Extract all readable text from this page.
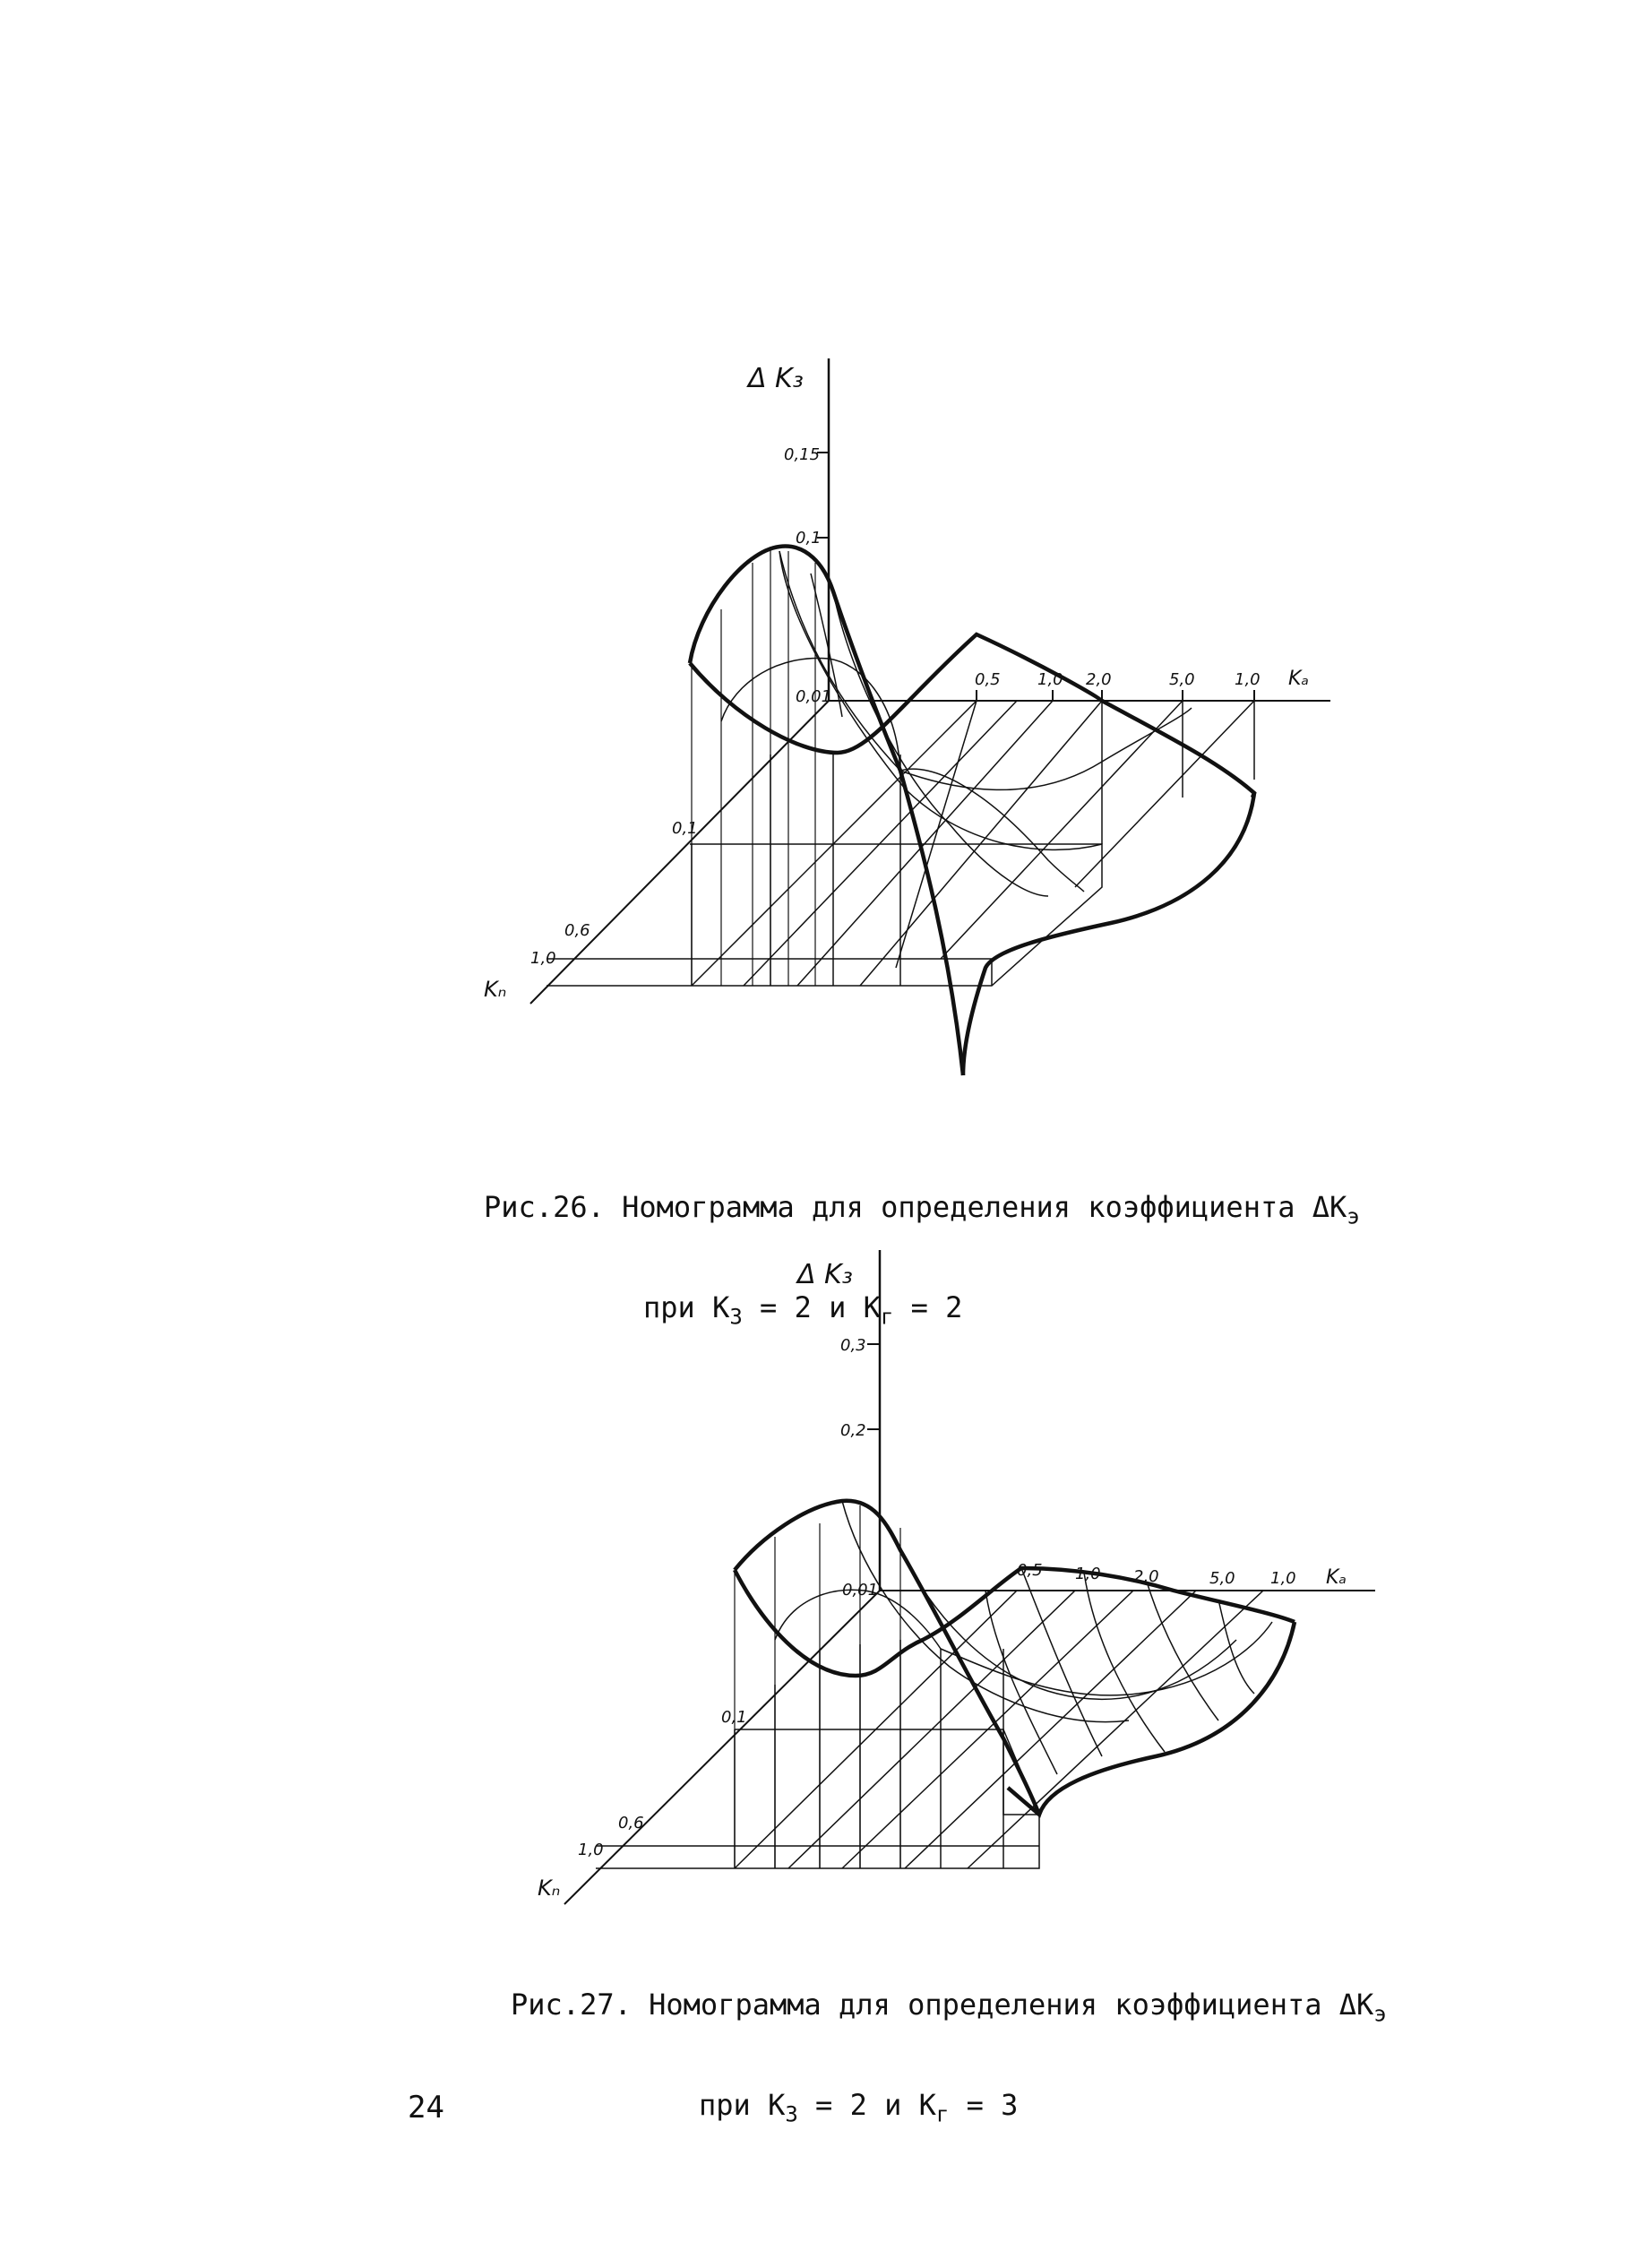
Δ K₃
0,15
0,1
0,01
0,5 1,0 2,0	5,0 1,0 Kₐ
0,1
0,6
1,0
Kₙ
Δ K₃
0,3
0,2
0,01
0,5 1,0 2,0	5,0 1,0 Kₐ
0,1
0,6
1,0
Kₙ

Рис.26. Номограмма для определения коэффициента $\Delta K_э$

при $K_3 = 2$ и $K_г = 2$

Рис.27. Номограмма для определения коэффициента $\Delta K_э$

при $K_3 = 2$ и $K_г = 3$

24
